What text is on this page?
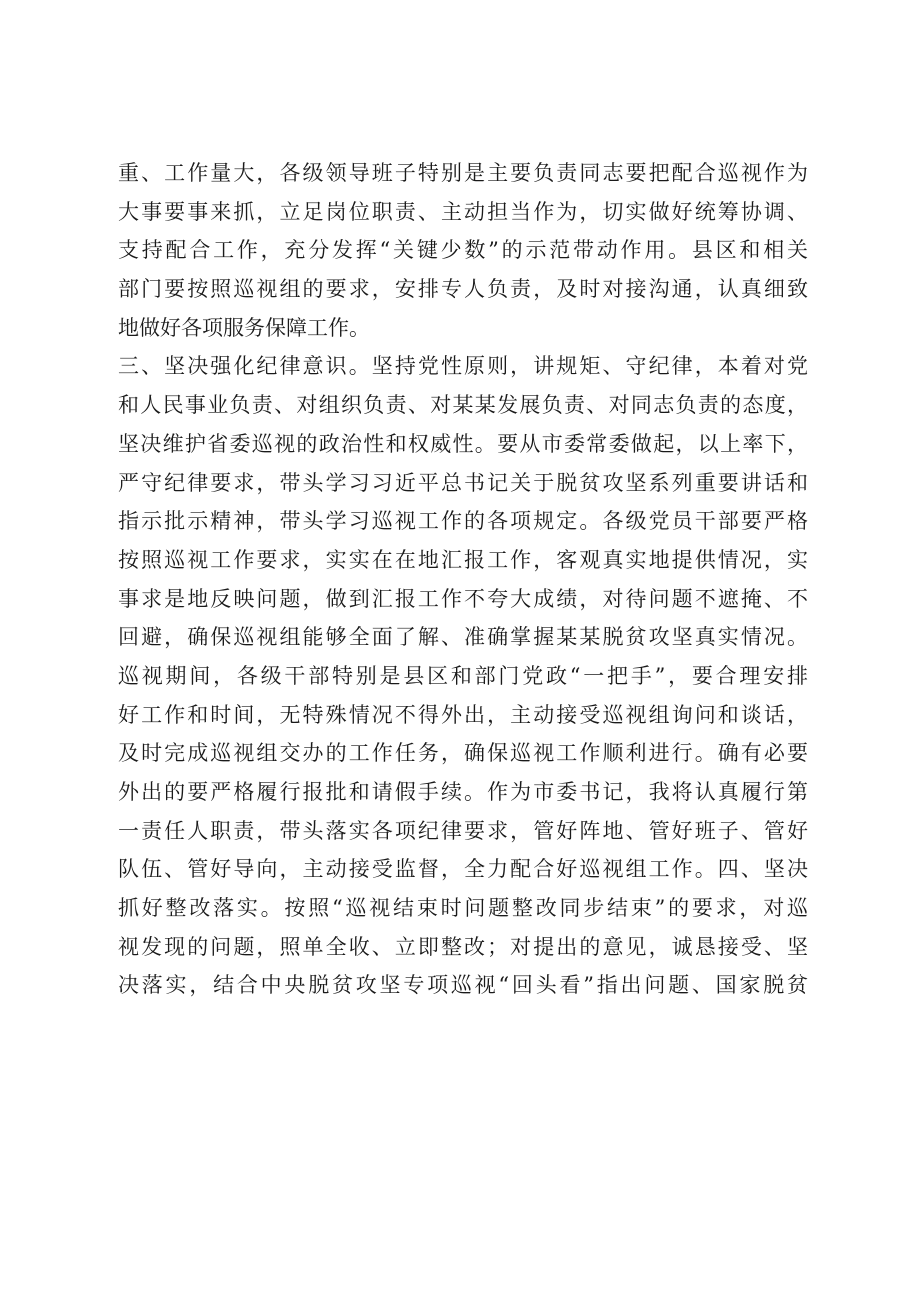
重、工作量大，各级领导班子特别是主要负责同志要把配合巡视作为
大事要事来抓，立足岗位职责、主动担当作为，切实做好统筹协调、
支持配合工作，充分发挥“关键少数”的示范带动作用。县区和相关
部门要按照巡视组的要求，安排专人负责，及时对接沟通，认真细致
地做好各项服务保障工作。
三、坚决强化纪律意识。坚持党性原则，讲规矩、守纪律，本着对党
和人民事业负责、对组织负责、对某某发展负责、对同志负责的态度，
坚决维护省委巡视的政治性和权威性。要从市委常委做起，以上率下，
严守纪律要求，带头学习习近平总书记关于脱贫攻坚系列重要讲话和
指示批示精神，带头学习巡视工作的各项规定。各级党员干部要严格
按照巡视工作要求，实实在在地汇报工作，客观真实地提供情况，实
事求是地反映问题，做到汇报工作不夸大成绩，对待问题不遮掩、不
回避，确保巡视组能够全面了解、准确掌握某某脱贫攻坚真实情况。
巡视期间，各级干部特别是县区和部门党政“一把手”，要合理安排
好工作和时间，无特殊情况不得外出，主动接受巡视组询问和谈话，
及时完成巡视组交办的工作任务，确保巡视工作顺利进行。确有必要
外出的要严格履行报批和请假手续。作为市委书记，我将认真履行第
一责任人职责，带头落实各项纪律要求，管好阵地、管好班子、管好
队伍、管好导向，主动接受监督，全力配合好巡视组工作。四、坚决
抓好整改落实。按照“巡视结束时问题整改同步结束”的要求，对巡
视发现的问题，照单全收、立即整改；对提出的意见，诚恳接受、坚
决落实，结合中央脱贫攻坚专项巡视“回头看”指出问题、国家脱贫
